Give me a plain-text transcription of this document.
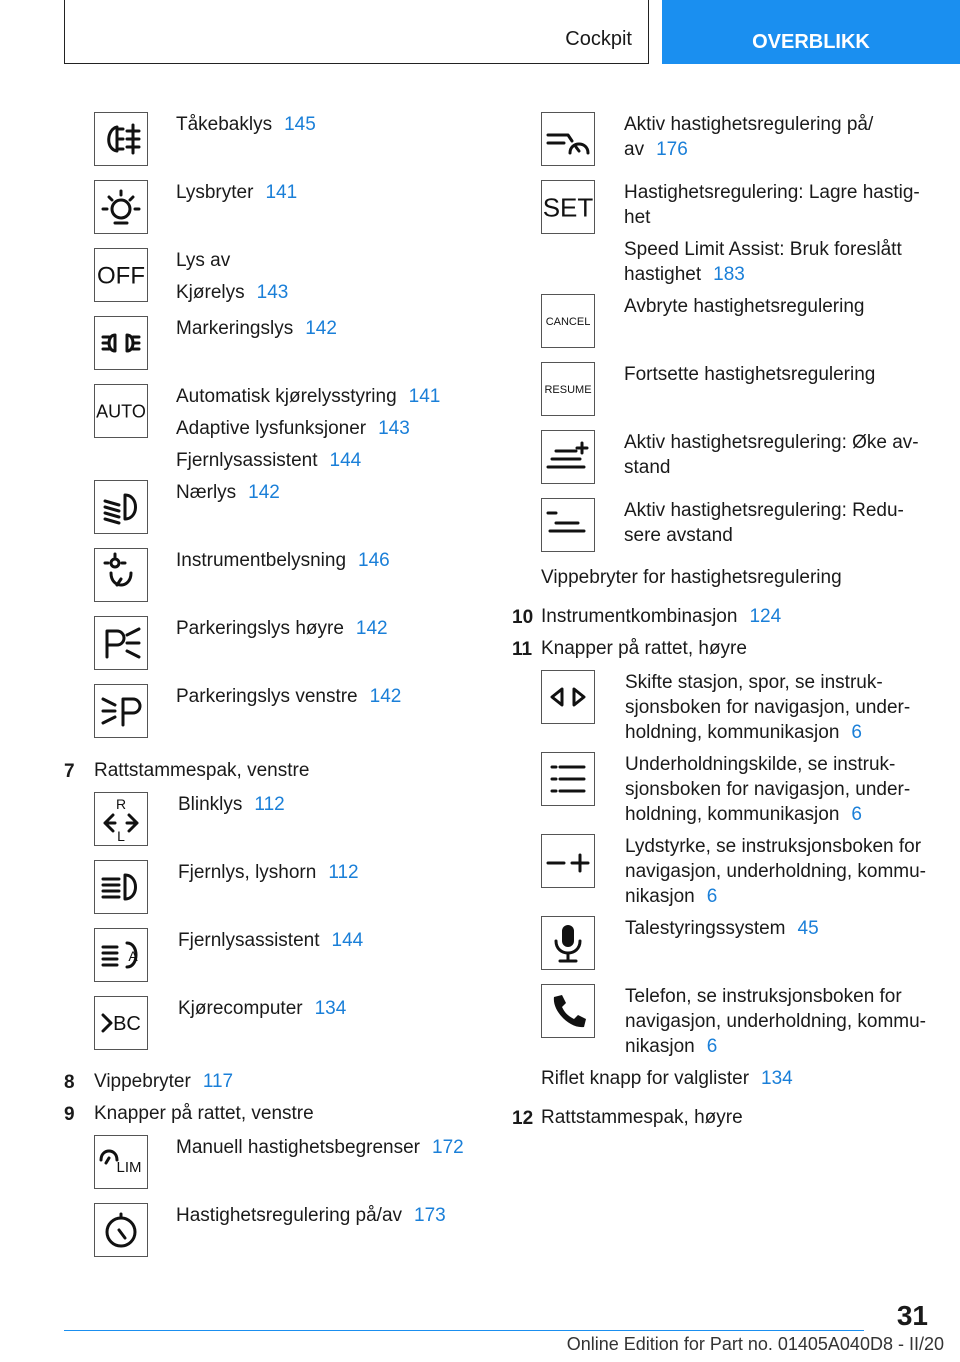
Cockpit	OVERBLIKK

Tåkebaklys 145

Lysbryter 141

OFF

Lys av

Kjørelys 143

Markeringslys 142

AUTO

Automatisk kjørelysstyring 141

Adaptive lysfunksjoner 143

Fjernlysassistent 144

Nærlys 142

Instrumentbelysning 146

Parkeringslys høyre 142

Parkeringslys venstre 142

7 Rattstammespak, venstre
R
L

Blinklys 112

Fjernlys, lyshorn 112

A

Fjernlysassistent 144

BC

Kjørecomputer 134

8 Vippebryter 117
9 Knapper på rattet, venstre
LIM

Manuell hastighetsbegrenser 172

Hastighetsregulering på/av 173

Aktiv hastighetsregulering på/
av 176

SET Hastighetsregulering: Lagre hastig-
het

Speed Limit Assist: Bruk foreslått
hastighet 183

CANCEL

Avbryte hastighetsregulering

RESUME

Fortsette hastighetsregulering

Aktiv hastighetsregulering: Øke av-
stand

Aktiv hastighetsregulering: Redu-
sere avstand

Vippebryter for hastighetsregulering
10 Instrumentkombinasjon 124
11 Knapper på rattet, høyre

Skifte stasjon, spor, se instruk-
sjonsboken for navigasjon, under-
holdning, kommunikasjon 6

Underholdningskilde, se instruk-
sjonsboken for navigasjon, under-
holdning, kommunikasjon 6

Lydstyrke, se instruksjonsboken for
navigasjon, underholdning, kommu-
nikasjon 6

Talestyringssystem 45

Telefon, se instruksjonsboken for
navigasjon, underholdning, kommu-
nikasjon 6

Riflet knapp for valglister 134
12 Rattstammespak, høyre
31
Online Edition for Part no. 01405A040D8 - II/20
